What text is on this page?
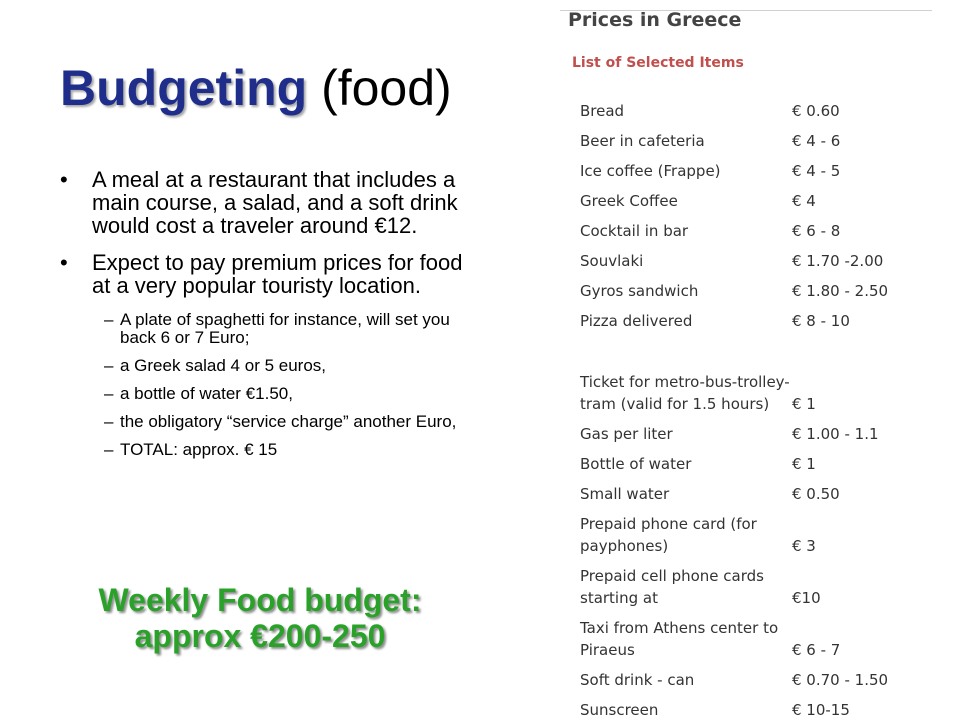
Budgeting (food)
• A meal at a restaurant that includes a main course, a salad, and a soft drink would cost a traveler around €12.
• Expect to pay premium prices for food at a very popular touristy location.
– A plate of spaghetti for instance, will set you back 6 or 7 Euro;
– a Greek salad 4 or 5 euros,
– a bottle of water €1.50,
– the obligatory “service charge” another Euro,
– TOTAL: approx. € 15
Weekly Food budget:
approx €200-250
Prices in Greece
List of Selected Items
Bread	€ 0.60
Beer in cafeteria	€ 4 - 6
Ice coffee (Frappe)	€ 4 - 5
Greek Coffee	€ 4
Cocktail in bar	€ 6 - 8
Souvlaki	€ 1.70 -2.00
Gyros sandwich	€ 1.80 - 2.50
Pizza delivered	€ 8 - 10
Ticket for metro-bus-trolley-tram (valid for 1.5 hours)	€ 1
Gas per liter	€ 1.00 - 1.1
Bottle of water	€ 1
Small water	€ 0.50
Prepaid phone card (for payphones)	€ 3
Prepaid cell phone cards starting at	€10
Taxi from Athens center to Piraeus	€ 6 - 7
Soft drink - can	€ 0.70 - 1.50
Sunscreen	€ 10-15
